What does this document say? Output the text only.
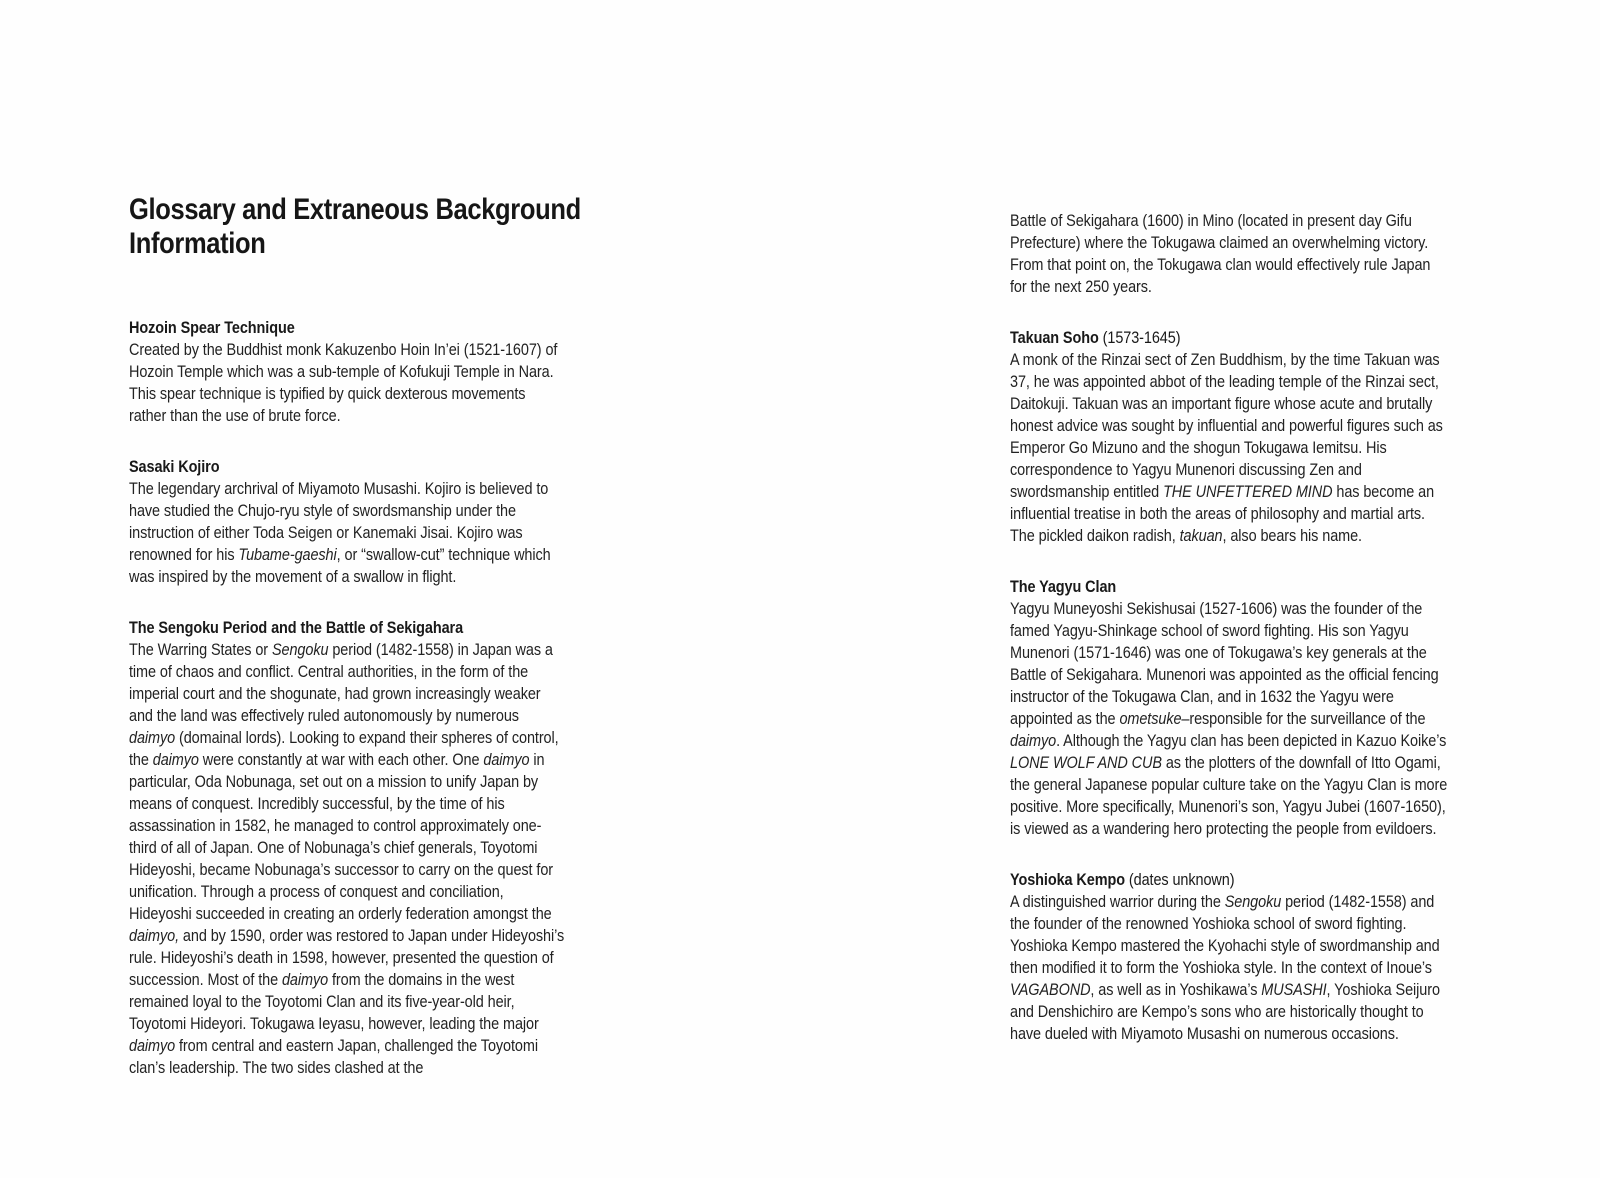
Glossary and Extraneous Background
Information
Hozoin Spear Technique

Created by the Buddhist monk Kakuzenbo Hoin In’ei (1521-1607) of Hozoin Temple which was a sub-temple of Kofukuji Temple in Nara. This spear technique is typified by quick dexterous movements rather than the use of brute force.

Sasaki Kojiro

The legendary archrival of Miyamoto Musashi. Kojiro is believed to have studied the Chujo-ryu style of swordsmanship under the instruction of either Toda Seigen or Kanemaki Jisai. Kojiro was renowned for his Tubame-gaeshi, or “swallow-cut” technique which was inspired by the movement of a swallow in flight.

The Sengoku Period and the Battle of Sekigahara

The Warring States or Sengoku period (1482-1558) in Japan was a time of chaos and conflict. Central authorities, in the form of the imperial court and the shogunate, had grown increasingly weaker and the land was effectively ruled autonomously by numerous daimyo (domainal lords). Looking to expand their spheres of control, the daimyo were constantly at war with each other. One daimyo in particular, Oda Nobunaga, set out on a mission to unify Japan by means of conquest. Incredibly successful, by the time of his assassination in 1582, he managed to control approximately one-third of all of Japan. One of Nobunaga’s chief generals, Toyotomi Hideyoshi, became Nobunaga’s successor to carry on the quest for unification. Through a process of conquest and conciliation, Hideyoshi succeeded in creating an orderly federation amongst the daimyo, and by 1590, order was restored to Japan under Hideyoshi’s rule. Hideyoshi’s death in 1598, however, presented the question of succession. Most of the daimyo from the domains in the west remained loyal to the Toyotomi Clan and its five-year-old heir, Toyotomi Hideyori. Tokugawa Ieyasu, however, leading the major daimyo from central and eastern Japan, challenged the Toyotomi clan’s leadership. The two sides clashed at the

Battle of Sekigahara (1600) in Mino (located in present day Gifu Prefecture) where the Tokugawa claimed an overwhelming victory. From that point on, the Tokugawa clan would effectively rule Japan for the next 250 years.

Takuan Soho (1573-1645)

A monk of the Rinzai sect of Zen Buddhism, by the time Takuan was 37, he was appointed abbot of the leading temple of the Rinzai sect, Daitokuji. Takuan was an important figure whose acute and brutally honest advice was sought by influential and powerful figures such as Emperor Go Mizuno and the shogun Tokugawa Iemitsu. His correspondence to Yagyu Munenori discussing Zen and swordsmanship entitled THE UNFETTERED MIND has become an influential treatise in both the areas of philosophy and martial arts. The pickled daikon radish, takuan, also bears his name.

The Yagyu Clan

Yagyu Muneyoshi Sekishusai (1527-1606) was the founder of the famed Yagyu-Shinkage school of sword fighting. His son Yagyu Munenori (1571-1646) was one of Tokugawa’s key generals at the Battle of Sekigahara. Munenori was appointed as the official fencing instructor of the Tokugawa Clan, and in 1632 the Yagyu were appointed as the ometsuke–responsible for the surveillance of the daimyo. Although the Yagyu clan has been depicted in Kazuo Koike’s LONE WOLF AND CUB as the plotters of the downfall of Itto Ogami, the general Japanese popular culture take on the Yagyu Clan is more positive. More specifically, Munenori’s son, Yagyu Jubei (1607-1650), is viewed as a wandering hero protecting the people from evildoers.

Yoshioka Kempo (dates unknown)

A distinguished warrior during the Sengoku period (1482-1558) and the founder of the renowned Yoshioka school of sword fighting. Yoshioka Kempo mastered the Kyohachi style of swordmanship and then modified it to form the Yoshioka style. In the context of Inoue’s VAGABOND, as well as in Yoshikawa’s MUSASHI, Yoshioka Seijuro and Denshichiro are Kempo’s sons who are historically thought to have dueled with Miyamoto Musashi on numerous occasions.
